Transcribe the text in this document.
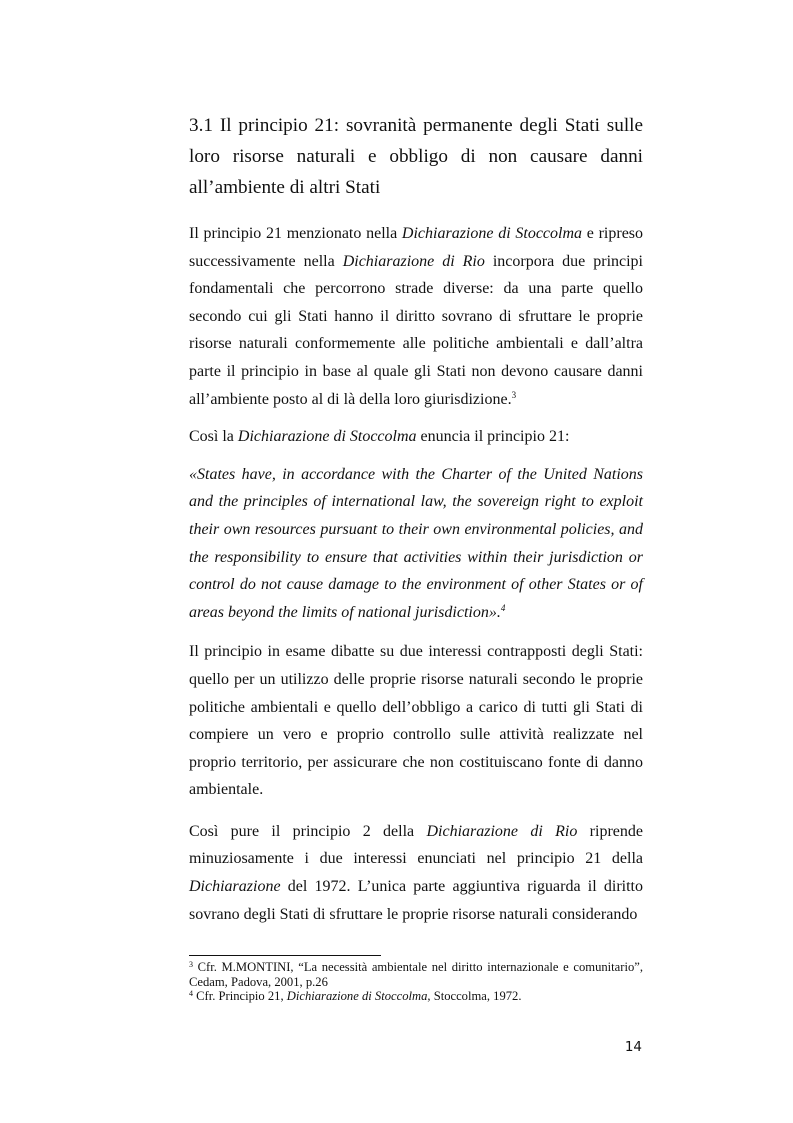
3.1 Il principio 21: sovranità permanente degli Stati sulle loro risorse naturali e obbligo di non causare danni all’ambiente di altri Stati

Il principio 21 menzionato nella Dichiarazione di Stoccolma e ripreso successivamente nella Dichiarazione di Rio incorpora due principi fondamentali che percorrono strade diverse: da una parte quello secondo cui gli Stati hanno il diritto sovrano di sfruttare le proprie risorse naturali conformemente alle politiche ambientali e dall’altra parte il principio in base al quale gli Stati non devono causare danni all’ambiente posto al di là della loro giurisdizione.$^3$

Così la Dichiarazione di Stoccolma enuncia il principio 21:

«States have, in accordance with the Charter of the United Nations and the principles of international law, the sovereign right to exploit their own resources pursuant to their own environmental policies, and the responsibility to ensure that activities within their jurisdiction or control do not cause damage to the environment of other States or of areas beyond the limits of national jurisdiction».$^4$

Il principio in esame dibatte su due interessi contrapposti degli Stati: quello per un utilizzo delle proprie risorse naturali secondo le proprie politiche ambientali e quello dell’obbligo a carico di tutti gli Stati di compiere un vero e proprio controllo sulle attività realizzate nel proprio territorio, per assicurare che non costituiscano fonte di danno ambientale.

Così pure il principio 2 della Dichiarazione di Rio riprende minuziosamente i due interessi enunciati nel principio 21 della Dichiarazione del 1972. L’unica parte aggiuntiva riguarda il diritto sovrano degli Stati di sfruttare le proprie risorse naturali considerando

$^3$ Cfr. M.MONTINI, “La necessità ambientale nel diritto internazionale e comunitario”, Cedam, Padova, 2001, p.26

$^4$ Cfr. Principio 21, Dichiarazione di Stoccolma, Stoccolma, 1972.

14
